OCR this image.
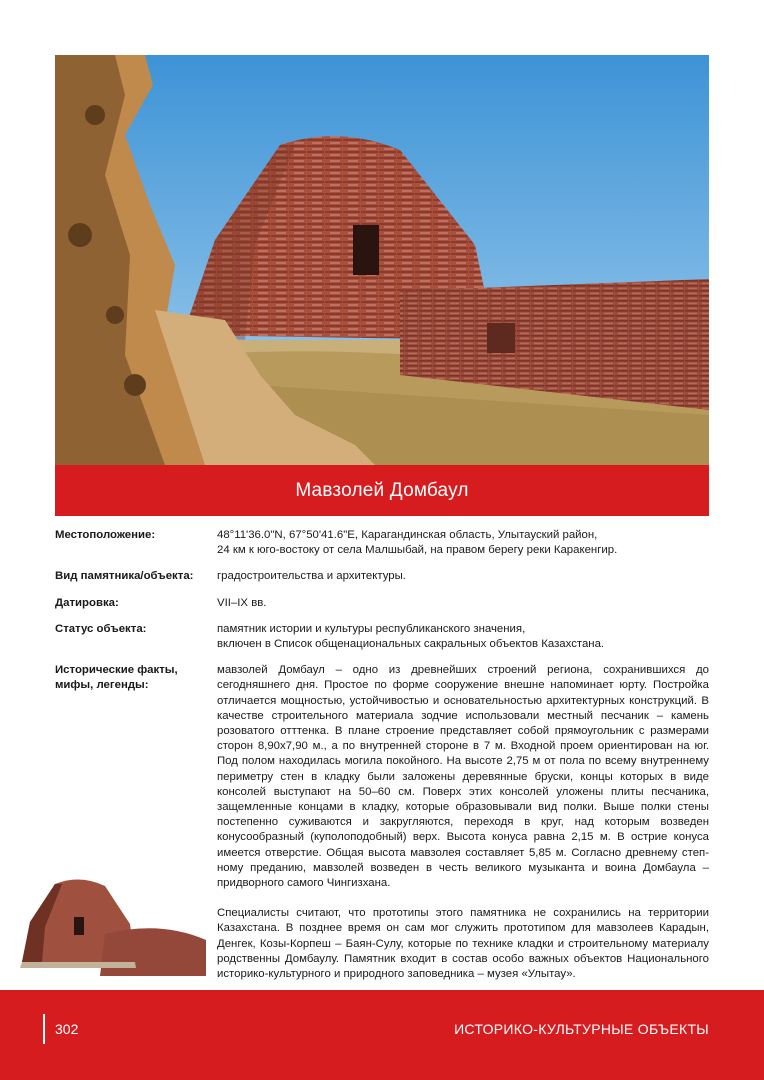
Мавзолей Домбаул
Местоположение:	48°11'36.0"N, 67°50'41.6"E, Карагандинская область, Улытауский район,

24 км к юго-востоку от села Малшыбай, на правом берегу реки Каракенгир.

Вид памятника/объекта:	градостроительства и архитектуры.

Датировка:	VII–IX вв.

Статус объекта:	памятник истории и культуры республиканского значения,

включен в Список общенациональных сакральных объектов Казахстана.

Исторические факты,
мифы, легенды:

мавзолей Домбаул – одно из древнейших строений региона, сохранившихся до сегодняшнего дня. Простое по форме сооружение внешне напоминает юрту. Постройка отличается мощностью, устойчивостью и основательностью архитектурных конструкций. В качестве строительного материала зодчие использовали местный песчаник – камень розоватого отттенка. В плане строение представляет собой прямоугольник с размерами сторон 8,90х7,90 м., а по внутренней стороне в 7 м. Входной проем ориентирован на юг. Под полом находилась могила покойного. На высоте 2,75 м от пола по всему внутреннему периметру стен в кладку были заложены деревянные бруски, концы которых в виде консолей выступают на 50–60 см. Поверх этих консолей уложены плиты песчаника, защемленные концами в кладку, которые образовывали вид полки. Выше полки стены постепенно суживаются и закругляются, переходя в круг, над которым возведен конусообразный (куполоподобный) верх. Высота конуса равна 2,15 м. В острие конуса имеется отверстие. Общая высота мавзолея составляет 5,85 м. Согласно древнему степному преданию, мавзолей возведен в честь великого музыканта и воина Домбаула – придворного самого Чингизхана.

Специалисты считают, что прототипы этого памятника не сохранились на территории Казахстана. В позднее время он сам мог служить прототипом для мавзолеев Карадын, Денгек, Козы-Корпеш – Баян-Сулу, которые по технике кладки и строительному материалу родственны Домбаулу. Памятник входит в состав особо важных объектов Национального историко-культурного и природного заповедника – музея «Улытау».

302	ИСТОРИКО-КУЛЬТУРНЫЕ ОБЪЕКТЫ
